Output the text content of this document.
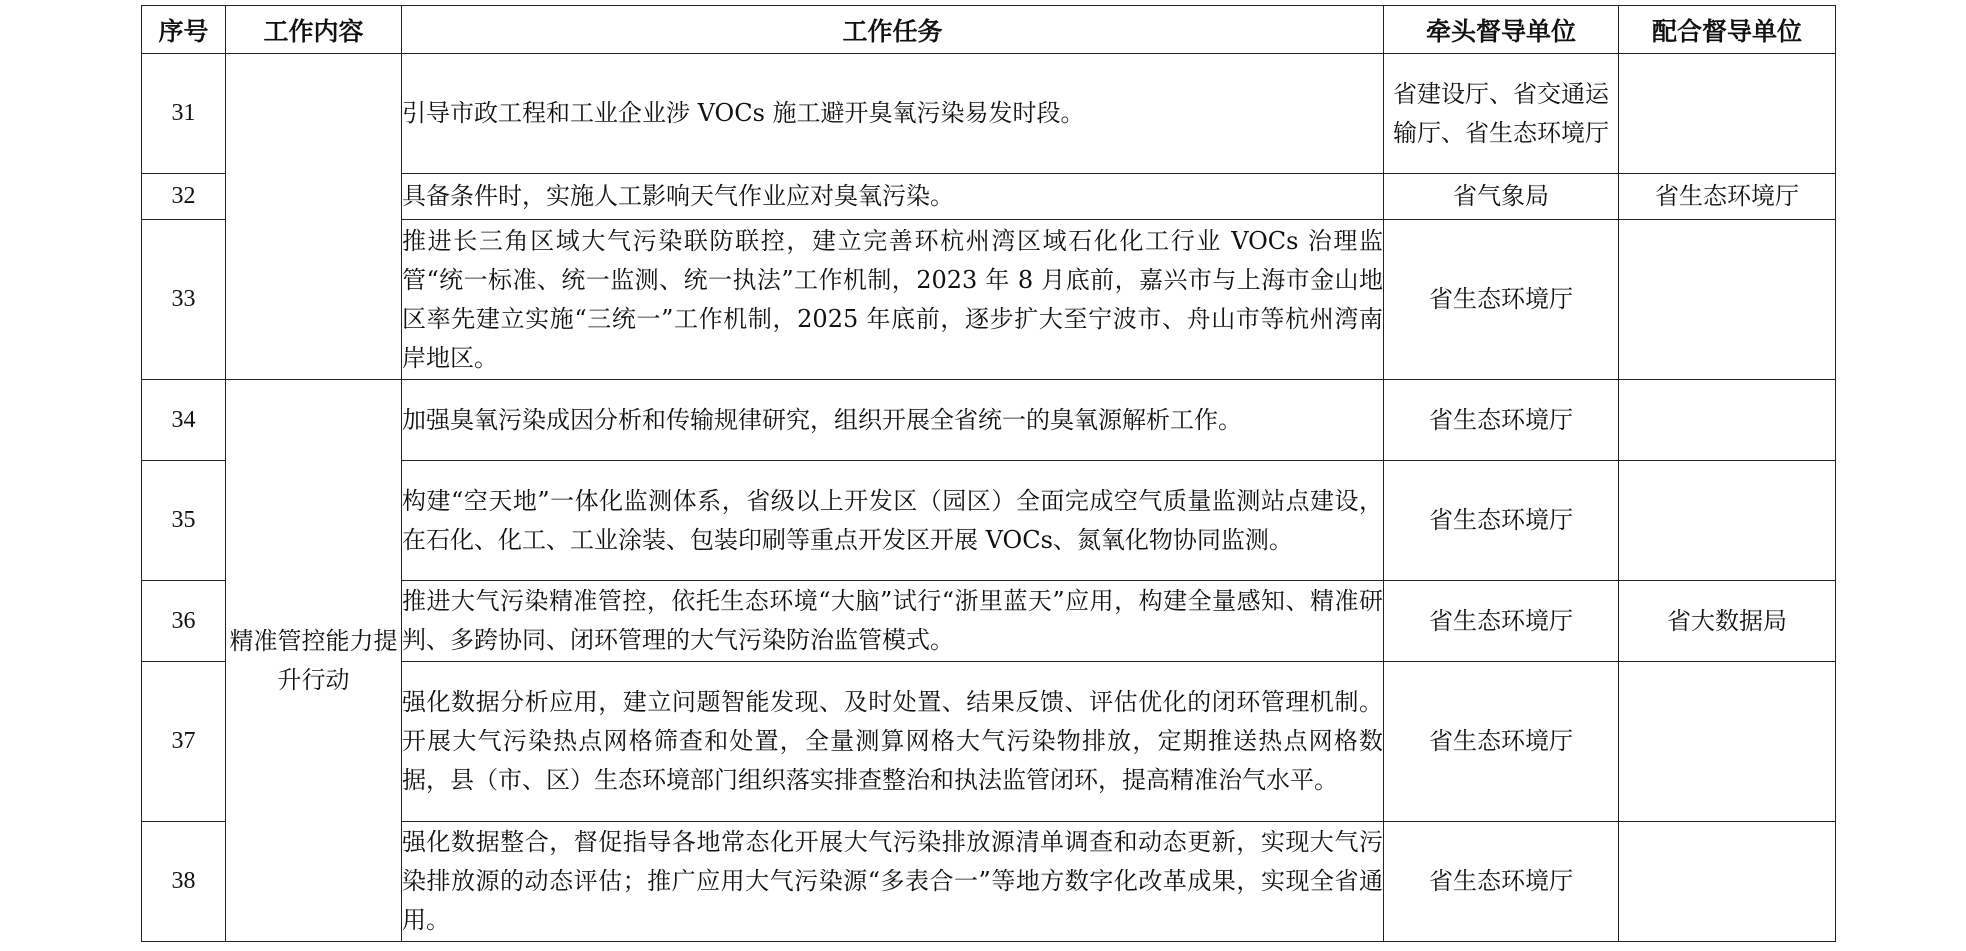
序号	工作内容	工作任务	牵头督导单位	配合督导单位
31		引导市政工程和工业企业涉 VOCs 施工避开臭氧污染易发时段。	省建设厅、省交通运输厅、省生态环境厅	
32		具备条件时，实施人工影响天气作业应对臭氧污染。	省气象局	省生态环境厅
33		推进长三角区域大气污染联防联控，建立完善环杭州湾区域石化化工行业 VOCs 治理监管“统一标准、统一监测、统一执法”工作机制，2023 年 8 月底前，嘉兴市与上海市金山地区率先建立实施“三统一”工作机制，2025 年底前，逐步扩大至宁波市、舟山市等杭州湾南岸地区。	省生态环境厅	
34	精准管控能力提升行动	加强臭氧污染成因分析和传输规律研究，组织开展全省统一的臭氧源解析工作。	省生态环境厅	
35		构建“空天地”一体化监测体系，省级以上开发区（园区）全面完成空气质量监测站点建设，在石化、化工、工业涂装、包装印刷等重点开发区开展 VOCs、氮氧化物协同监测。	省生态环境厅	
36		推进大气污染精准管控，依托生态环境“大脑”试行“浙里蓝天”应用，构建全量感知、精准研判、多跨协同、闭环管理的大气污染防治监管模式。	省生态环境厅	省大数据局
37		强化数据分析应用，建立问题智能发现、及时处置、结果反馈、评估优化的闭环管理机制。开展大气污染热点网格筛查和处置，全量测算网格大气污染物排放，定期推送热点网格数据，县（市、区）生态环境部门组织落实排查整治和执法监管闭环，提高精准治气水平。	省生态环境厅	
38		强化数据整合，督促指导各地常态化开展大气污染排放源清单调查和动态更新，实现大气污染排放源的动态评估；推广应用大气污染源“多表合一”等地方数字化改革成果，实现全省通用。	省生态环境厅	
